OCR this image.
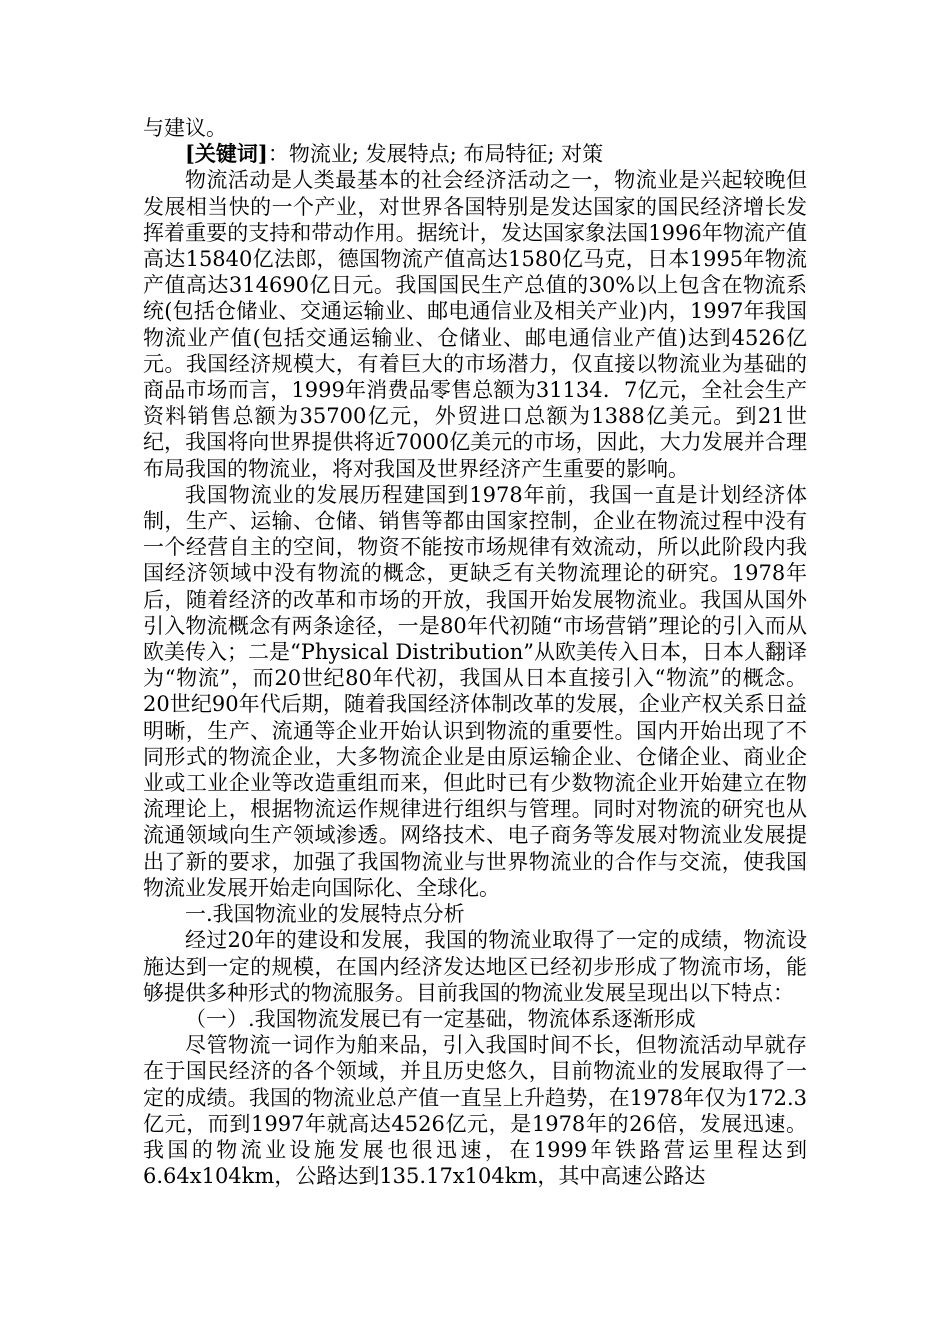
与建议。

[关键词]：物流业; 发展特点; 布局特征; 对策

物流活动是人类最基本的社会经济活动之一，物流业是兴起较晚但发展相当快的一个产业，对世界各国特别是发达国家的国民经济增长发挥着重要的支持和带动作用。据统计，发达国家象法国1996年物流产值高达15840亿法郎，德国物流产值高达1580亿马克，日本1995年物流产值高达314690亿日元。我国国民生产总值的30%以上包含在物流系统(包括仓储业、交通运输业、邮电通信业及相关产业)内，1997年我国物流业产值(包括交通运输业、仓储业、邮电通信业产值)达到4526亿元。我国经济规模大，有着巨大的市场潜力，仅直接以物流业为基础的商品市场而言，1999年消费品零售总额为31134．7亿元，全社会生产资料销售总额为35700亿元，外贸进口总额为1388亿美元。到21世纪，我国将向世界提供将近7000亿美元的市场，因此，大力发展并合理布局我国的物流业，将对我国及世界经济产生重要的影响。

我国物流业的发展历程建国到1978年前，我国一直是计划经济体制，生产、运输、仓储、销售等都由国家控制，企业在物流过程中没有一个经营自主的空间，物资不能按市场规律有效流动，所以此阶段内我国经济领域中没有物流的概念，更缺乏有关物流理论的研究。1978年后，随着经济的改革和市场的开放，我国开始发展物流业。我国从国外引入物流概念有两条途径，一是80年代初随“市场营销”理论的引入而从欧美传入；二是“Physical Distribution”从欧美传入日本，日本人翻译为“物流”，而20世纪80年代初，我国从日本直接引入“物流”的概念。20世纪90年代后期，随着我国经济体制改革的发展，企业产权关系日益明晰，生产、流通等企业开始认识到物流的重要性。国内开始出现了不同形式的物流企业，大多物流企业是由原运输企业、仓储企业、商业企业或工业企业等改造重组而来，但此时已有少数物流企业开始建立在物流理论上，根据物流运作规律进行组织与管理。同时对物流的研究也从流通领域向生产领域渗透。网络技术、电子商务等发展对物流业发展提出了新的要求，加强了我国物流业与世界物流业的合作与交流，使我国物流业发展开始走向国际化、全球化。

一.我国物流业的发展特点分析

经过20年的建设和发展，我国的物流业取得了一定的成绩，物流设施达到一定的规模，在国内经济发达地区已经初步形成了物流市场，能够提供多种形式的物流服务。目前我国的物流业发展呈现出以下特点：

（一）.我国物流发展已有一定基础，物流体系逐渐形成

尽管物流一词作为舶来品，引入我国时间不长，但物流活动早就存在于国民经济的各个领域，并且历史悠久，目前物流业的发展取得了一定的成绩。我国的物流业总产值一直呈上升趋势，在1978年仅为172.3亿元，而到1997年就高达4526亿元，是1978年的26倍，发展迅速。我国的物流业设施发展也很迅速，在1999年铁路营运里程达到6.64x104km，公路达到135.17x104km，其中高速公路达
